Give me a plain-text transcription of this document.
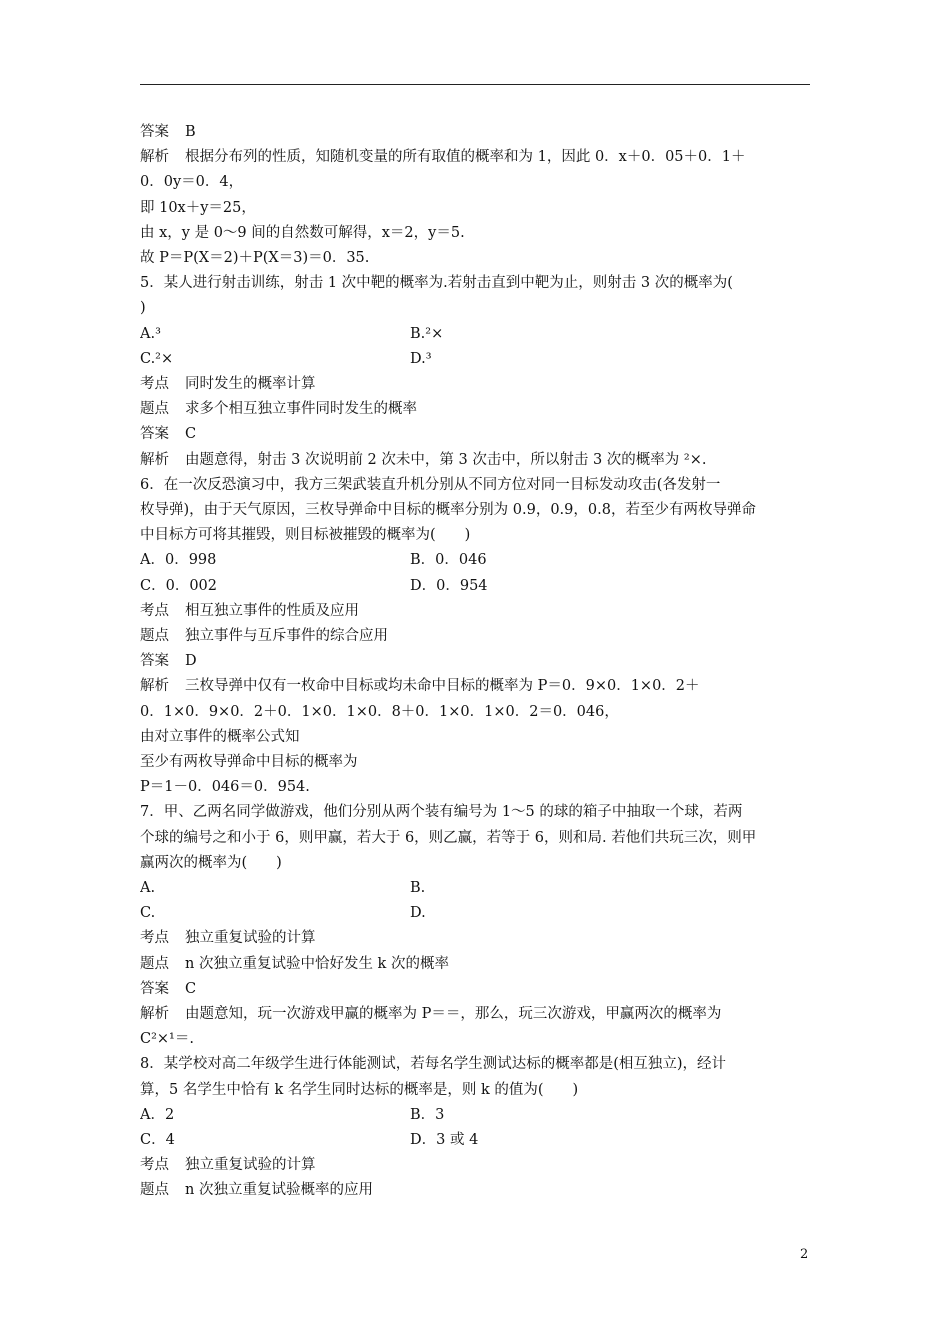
答案 B
解析 根据分布列的性质，知随机变量的所有取值的概率和为 1，因此 0．x＋0．05＋0．1＋
0．0y＝0．4，
即 10x＋y＝25，
由 x，y 是 0～9 间的自然数可解得，x＝2，y＝5.
故 P＝P(X＝2)＋P(X＝3)＝0．35.
5．某人进行射击训练，射击 1 次中靶的概率为.若射击直到中靶为止，则射击 3 次的概率为(
)
A.³	B.²×
C.²×	D.³
考点 同时发生的概率计算
题点 求多个相互独立事件同时发生的概率
答案 C
解析 由题意得，射击 3 次说明前 2 次未中，第 3 次击中，所以射击 3 次的概率为 ²×.
6．在一次反恐演习中，我方三架武装直升机分别从不同方位对同一目标发动攻击(各发射一
枚导弹)，由于天气原因，三枚导弹命中目标的概率分别为 0.9，0.9，0.8，若至少有两枚导弹命
中目标方可将其摧毁，则目标被摧毁的概率为(　　)
A．0．998	B．0．046
C．0．002	D．0．954
考点 相互独立事件的性质及应用
题点 独立事件与互斥事件的综合应用
答案 D
解析 三枚导弹中仅有一枚命中目标或均未命中目标的概率为 P＝0．9×0．1×0．2＋
0．1×0．9×0．2＋0．1×0．1×0．8＋0．1×0．1×0．2＝0．046，
由对立事件的概率公式知
至少有两枚导弹命中目标的概率为
P＝1－0．046＝0．954.
7．甲、乙两名同学做游戏，他们分别从两个装有编号为 1～5 的球的箱子中抽取一个球，若两
个球的编号之和小于 6，则甲赢，若大于 6，则乙赢，若等于 6，则和局. 若他们共玩三次，则甲
赢两次的概率为(　　)
A.	B.
C.	D.
考点 独立重复试验的计算
题点 n 次独立重复试验中恰好发生 k 次的概率
答案 C
解析 由题意知，玩一次游戏甲赢的概率为 P＝＝，那么，玩三次游戏，甲赢两次的概率为
C²×¹＝.
8．某学校对高二年级学生进行体能测试，若每名学生测试达标的概率都是(相互独立)，经计
算，5 名学生中恰有 k 名学生同时达标的概率是，则 k 的值为(　　)
A．2	B．3
C．4	D．3 或 4
考点 独立重复试验的计算
题点 n 次独立重复试验概率的应用
2
